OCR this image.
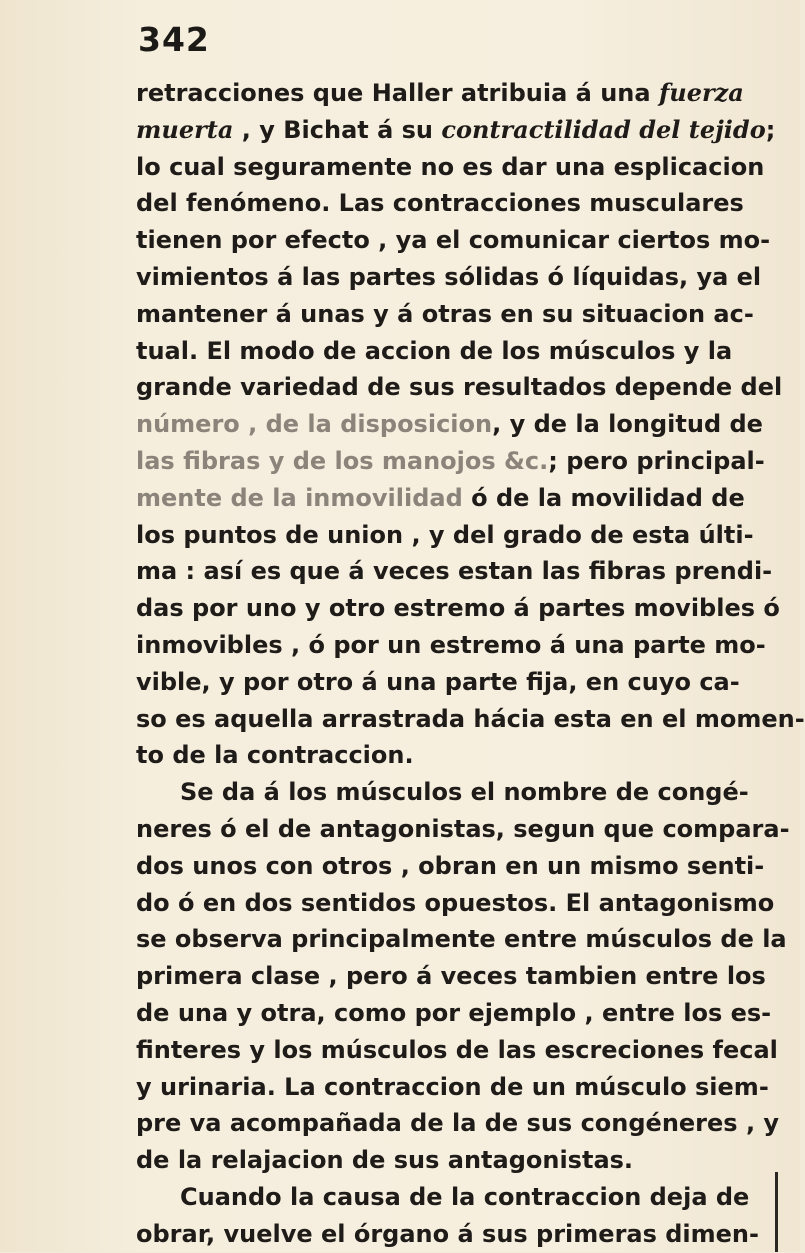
342
retracciones que Haller atribuia á una fuerza
muerta , y Bichat á su contractilidad del tejido;
lo cual seguramente no es dar una esplicacion
del fenómeno. Las contracciones musculares
tienen por efecto , ya el comunicar ciertos mo-
vimientos á las partes sólidas ó líquidas, ya el
mantener á unas y á otras en su situacion ac-
tual. El modo de accion de los músculos y la
grande variedad de sus resultados depende del
número , de la disposicion, y de la longitud de
las fibras y de los manojos &c.; pero principal-
mente de la inmovilidad ó de la movilidad de
los puntos de union , y del grado de esta últi-
ma : así es que á veces estan las fibras prendi-
das por uno y otro estremo á partes movibles ó
inmovibles , ó por un estremo á una parte mo-
vible, y por otro á una parte fija, en cuyo ca-
so es aquella arrastrada hácia esta en el momen-
to de la contraccion.
Se da á los músculos el nombre de congé-
neres ó el de antagonistas, segun que compara-
dos unos con otros , obran en un mismo senti-
do ó en dos sentidos opuestos. El antagonismo
se observa principalmente entre músculos de la
primera clase , pero á veces tambien entre los
de una y otra, como por ejemplo , entre los es-
finteres y los músculos de las escreciones fecal
y urinaria. La contraccion de un músculo siem-
pre va acompañada de la de sus congéneres , y
de la relajacion de sus antagonistas.
Cuando la causa de la contraccion deja de
obrar, vuelve el órgano á sus primeras dimen-
